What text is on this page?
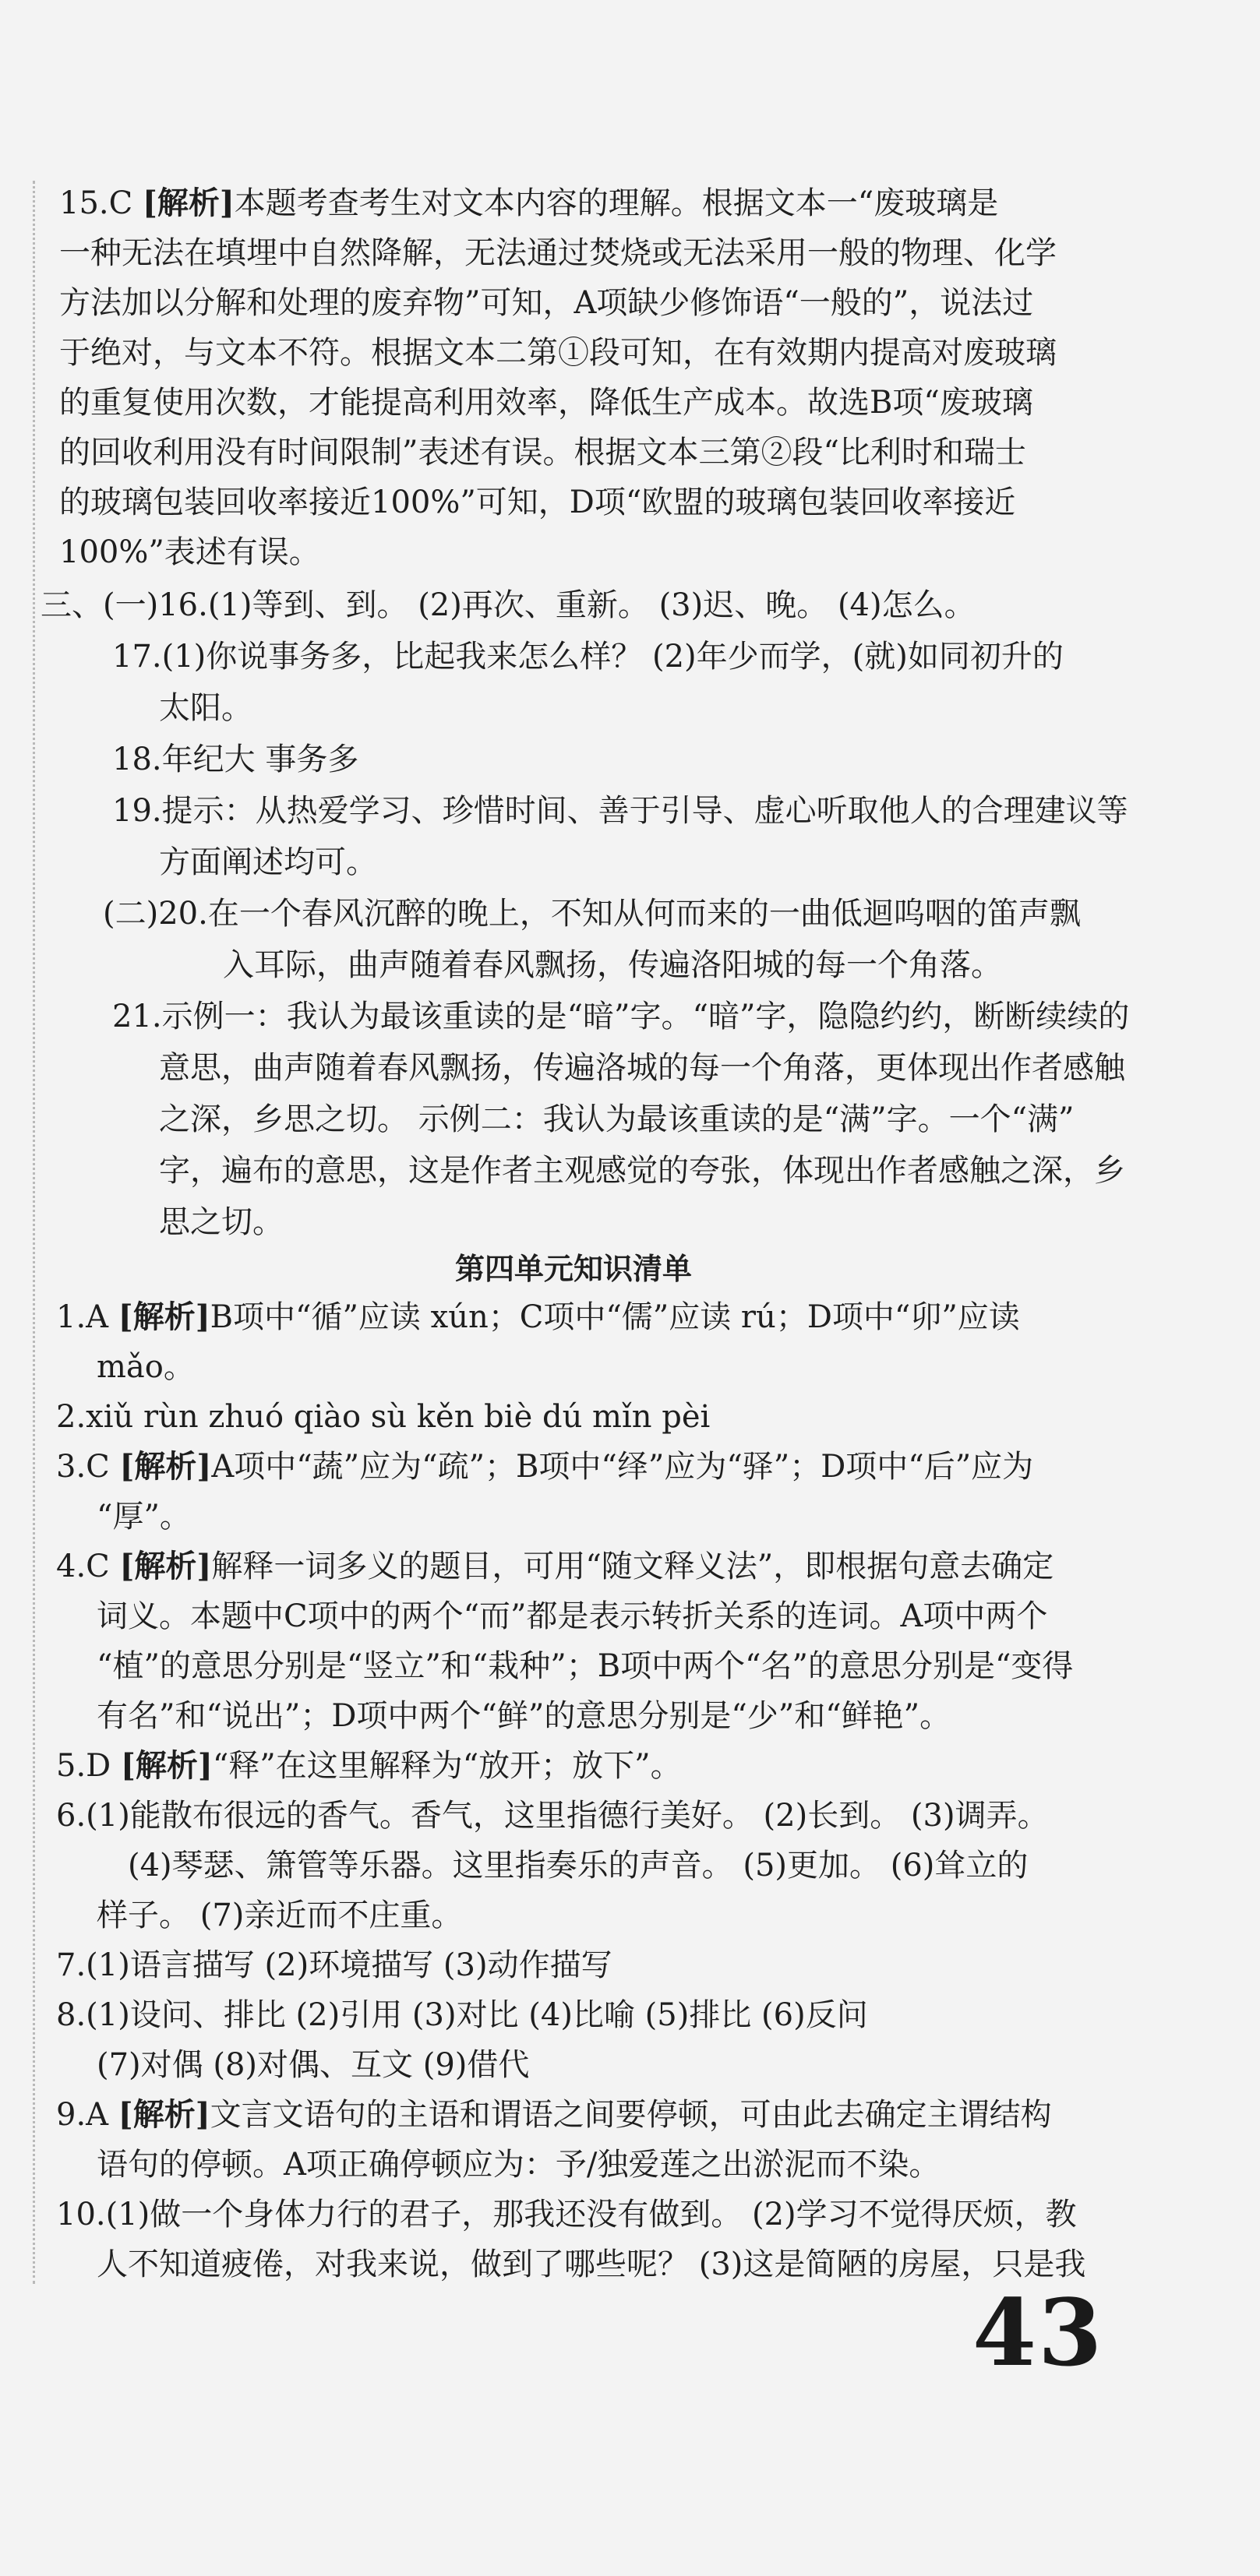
15.C [解析]本题考查考生对文本内容的理解。根据文本一“废玻璃是
一种无法在填埋中自然降解，无法通过焚烧或无法采用一般的物理、化学
方法加以分解和处理的废弃物”可知，A项缺少修饰语“一般的”，说法过
于绝对，与文本不符。根据文本二第①段可知，在有效期内提高对废玻璃
的重复使用次数，才能提高利用效率，降低生产成本。故选B项“废玻璃
的回收利用没有时间限制”表述有误。根据文本三第②段“比利时和瑞士
的玻璃包装回收率接近100%”可知，D项“欧盟的玻璃包装回收率接近
100%”表述有误。
三、(一)16.(1)等到、到。 (2)再次、重新。 (3)迟、晚。 (4)怎么。
17.(1)你说事务多，比起我来怎么样？ (2)年少而学，(就)如同初升的
太阳。
18.年纪大 事务多
19.提示：从热爱学习、珍惜时间、善于引导、虚心听取他人的合理建议等
方面阐述均可。
(二)20.在一个春风沉醉的晚上，不知从何而来的一曲低迴呜咽的笛声飘
入耳际，曲声随着春风飘扬，传遍洛阳城的每一个角落。
21.示例一：我认为最该重读的是“暗”字。“暗”字，隐隐约约，断断续续的
意思，曲声随着春风飘扬，传遍洛城的每一个角落，更体现出作者感触
之深，乡思之切。 示例二：我认为最该重读的是“满”字。一个“满”
字，遍布的意思，这是作者主观感觉的夸张，体现出作者感触之深，乡
思之切。
第四单元知识清单
1.A [解析]B项中“循”应读 xún；C项中“儒”应读 rú；D项中“卯”应读
mǎo。
2.xiǔ rùn zhuó qiào sù kěn biè dú mǐn pèi
3.C [解析]A项中“蔬”应为“疏”；B项中“绎”应为“驿”；D项中“后”应为
“厚”。
4.C [解析]解释一词多义的题目，可用“随文释义法”，即根据句意去确定
词义。本题中C项中的两个“而”都是表示转折关系的连词。A项中两个
“植”的意思分别是“竖立”和“栽种”；B项中两个“名”的意思分别是“变得
有名”和“说出”；D项中两个“鲜”的意思分别是“少”和“鲜艳”。
5.D [解析]“释”在这里解释为“放开；放下”。
6.(1)能散布很远的香气。香气，这里指德行美好。 (2)长到。 (3)调弄。
(4)琴瑟、箫管等乐器。这里指奏乐的声音。 (5)更加。 (6)耸立的
样子。 (7)亲近而不庄重。
7.(1)语言描写 (2)环境描写 (3)动作描写
8.(1)设问、排比 (2)引用 (3)对比 (4)比喻 (5)排比 (6)反问
(7)对偶 (8)对偶、互文 (9)借代
9.A [解析]文言文语句的主语和谓语之间要停顿，可由此去确定主谓结构
语句的停顿。A项正确停顿应为：予/独爱莲之出淤泥而不染。
10.(1)做一个身体力行的君子，那我还没有做到。 (2)学习不觉得厌烦，教
人不知道疲倦，对我来说，做到了哪些呢？ (3)这是简陋的房屋，只是我
43
